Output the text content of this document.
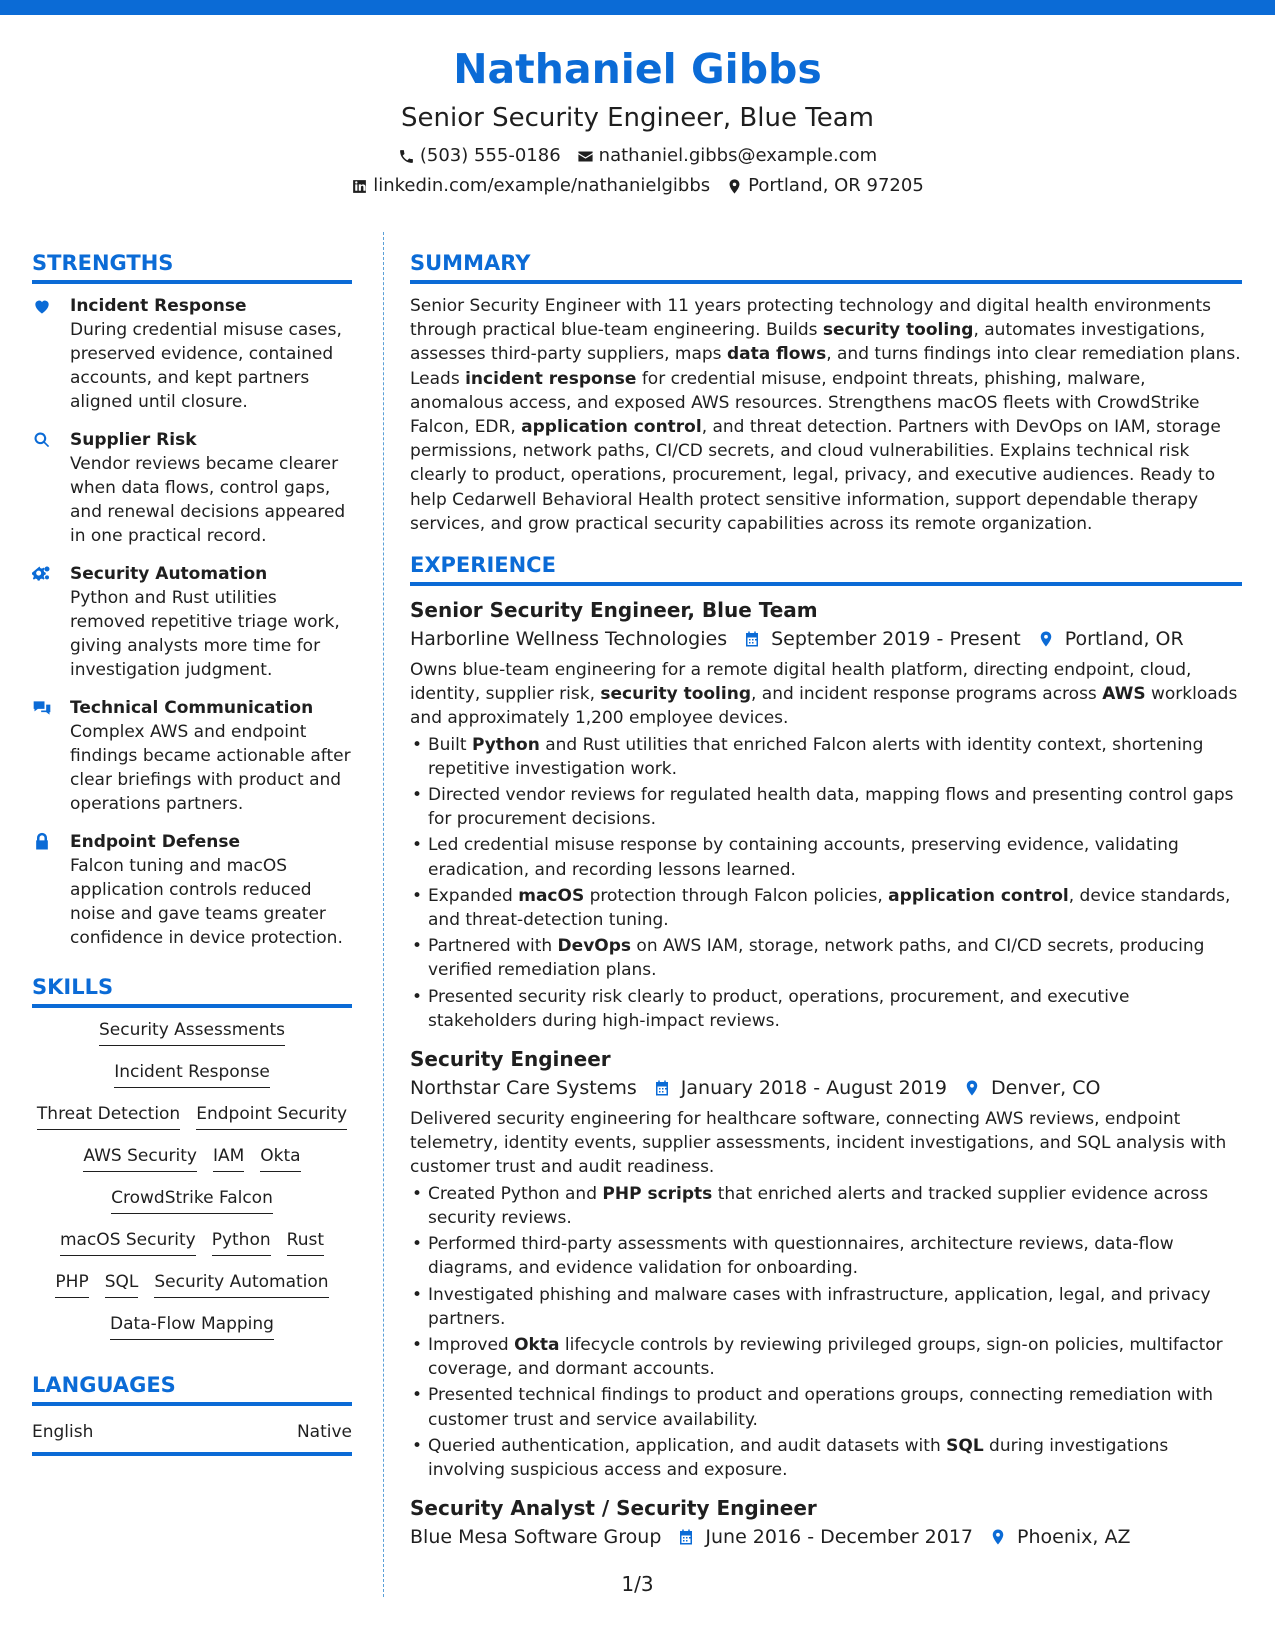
Nathaniel Gibbs
Senior Security Engineer, Blue Team
(503) 555-0186 nathaniel.gibbs@example.com
linkedin.com/example/nathanielgibbs Portland, OR 97205
STRENGTHS
Incident Response
During credential misuse cases, preserved evidence, contained accounts, and kept partners aligned until closure.
Supplier Risk
Vendor reviews became clearer when data flows, control gaps, and renewal decisions appeared in one practical record.
Security Automation
Python and Rust utilities removed repetitive triage work, giving analysts more time for investigation judgment.
Technical Communication
Complex AWS and endpoint findings became actionable after clear briefings with product and operations partners.
Endpoint Defense
Falcon tuning and macOS application controls reduced noise and gave teams greater confidence in device protection.
SKILLS
Security Assessments
Incident Response
Threat Detection Endpoint Security
AWS Security IAM Okta
CrowdStrike Falcon
macOS Security Python Rust
PHP SQL Security Automation
Data-Flow Mapping
LANGUAGES
English	Native
SUMMARY
Senior Security Engineer with 11 years protecting technology and digital health environments through practical blue-team engineering. Builds security tooling, automates investigations, assesses third-party suppliers, maps data flows, and turns findings into clear remediation plans. Leads incident response for credential misuse, endpoint threats, phishing, malware, anomalous access, and exposed AWS resources. Strengthens macOS fleets with CrowdStrike Falcon, EDR, application control, and threat detection. Partners with DevOps on IAM, storage permissions, network paths, CI/CD secrets, and cloud vulnerabilities. Explains technical risk clearly to product, operations, procurement, legal, privacy, and executive audiences. Ready to help Cedarwell Behavioral Health protect sensitive information, support dependable therapy services, and grow practical security capabilities across its remote organization.
EXPERIENCE
Senior Security Engineer, Blue Team
Harborline Wellness Technologies September 2019 - Present Portland, OR
Owns blue-team engineering for a remote digital health platform, directing endpoint, cloud, identity, supplier risk, security tooling, and incident response programs across AWS workloads and approximately 1,200 employee devices.
• Built Python and Rust utilities that enriched Falcon alerts with identity context, shortening repetitive investigation work.
• Directed vendor reviews for regulated health data, mapping flows and presenting control gaps for procurement decisions.
• Led credential misuse response by containing accounts, preserving evidence, validating eradication, and recording lessons learned.
• Expanded macOS protection through Falcon policies, application control, device standards, and threat-detection tuning.
• Partnered with DevOps on AWS IAM, storage, network paths, and CI/CD secrets, producing verified remediation plans.
• Presented security risk clearly to product, operations, procurement, and executive stakeholders during high-impact reviews.
Security Engineer
Northstar Care Systems January 2018 - August 2019 Denver, CO
Delivered security engineering for healthcare software, connecting AWS reviews, endpoint telemetry, identity events, supplier assessments, incident investigations, and SQL analysis with customer trust and audit readiness.
• Created Python and PHP scripts that enriched alerts and tracked supplier evidence across security reviews.
• Performed third-party assessments with questionnaires, architecture reviews, data-flow diagrams, and evidence validation for onboarding.
• Investigated phishing and malware cases with infrastructure, application, legal, and privacy partners.
• Improved Okta lifecycle controls by reviewing privileged groups, sign-on policies, multifactor coverage, and dormant accounts.
• Presented technical findings to product and operations groups, connecting remediation with customer trust and service availability.
• Queried authentication, application, and audit datasets with SQL during investigations involving suspicious access and exposure.
Security Analyst / Security Engineer
Blue Mesa Software Group June 2016 - December 2017 Phoenix, AZ
1/3
